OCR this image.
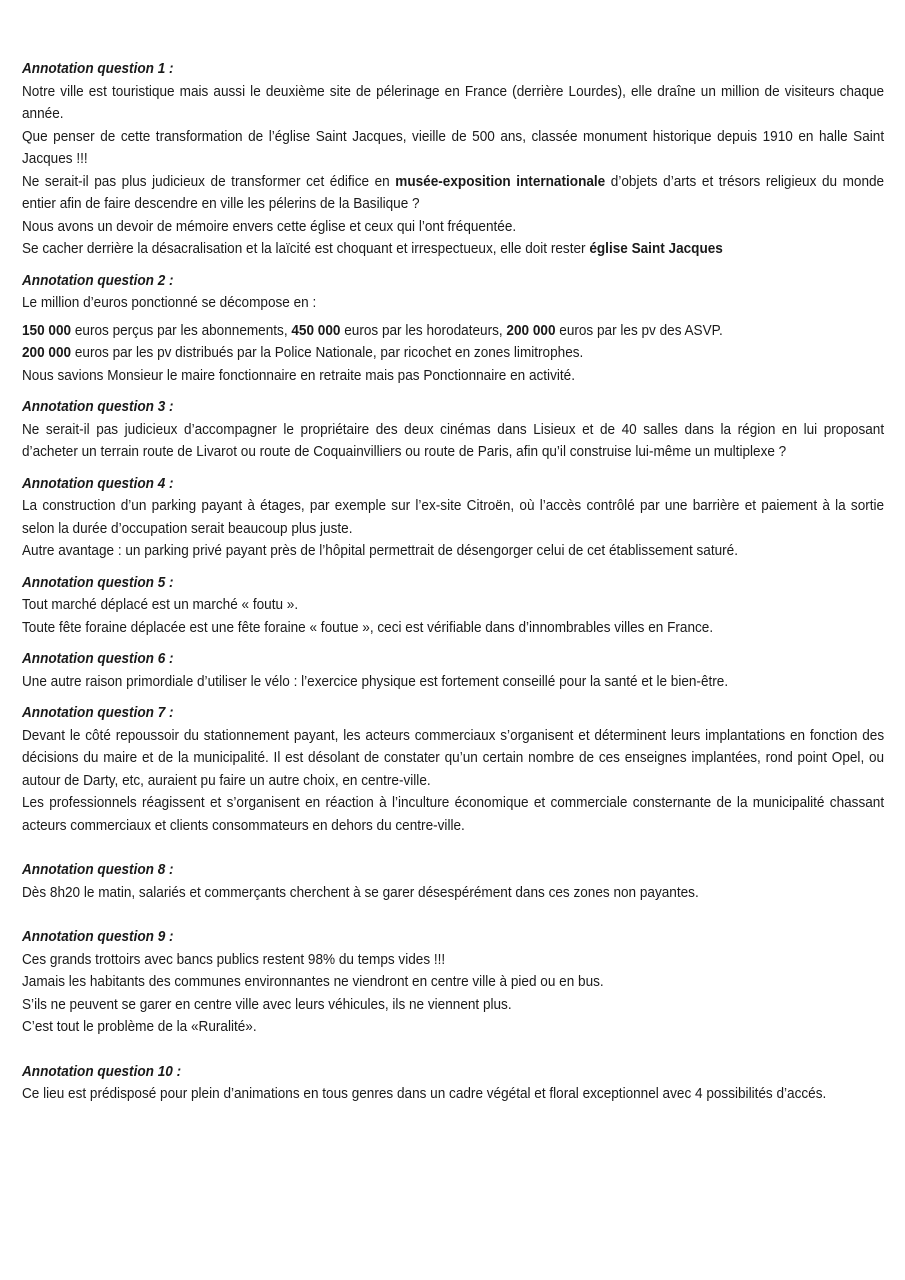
Annotation question 1 :

Notre ville est touristique mais aussi le deuxième site de pélerinage en France (derrière Lourdes), elle draîne un million de visiteurs chaque année.

Que penser de cette transformation de l’église Saint Jacques, vieille de 500 ans, classée monument historique depuis 1910 en halle Saint Jacques !!!

Ne serait-il pas plus judicieux de transformer cet édifice en musée-exposition internationale d’objets d’arts et trésors religieux du monde entier afin de faire descendre en ville les pélerins de la Basilique ?

Nous avons un devoir de mémoire envers cette église et ceux qui l’ont fréquentée.

Se cacher derrière la désacralisation et la laïcité est choquant et irrespectueux, elle doit rester église Saint Jacques

Annotation question 2 :

Le million d’euros ponctionné se décompose en :

150 000 euros perçus par les abonnements, 450 000 euros par les horodateurs, 200 000 euros par les pv des ASVP.

200 000 euros par les pv distribués par la Police Nationale, par ricochet en zones limitrophes.

Nous savions Monsieur le maire fonctionnaire en retraite mais pas Ponctionnaire en activité.

Annotation question 3 :

Ne serait-il pas judicieux d’accompagner le propriétaire des deux cinémas dans Lisieux et de 40 salles dans la région en lui proposant d’acheter un terrain route de Livarot ou route de Coquainvilliers ou route de Paris, afin qu’il construise lui-même un multiplexe ?

Annotation question 4 :

La construction d’un parking payant à étages, par exemple sur l’ex-site Citroën, où l’accès contrôlé par une barrière et paiement à la sortie selon la durée d’occupation serait beaucoup plus juste.

Autre avantage : un parking privé payant près de l’hôpital permettrait de désengorger celui de cet établissement saturé.

Annotation question 5 :

Tout marché déplacé est un marché « foutu ».

Toute fête foraine déplacée est une fête foraine « foutue », ceci est vérifiable dans d’innombrables villes en France.

Annotation question 6 :

Une autre raison primordiale d’utiliser le vélo : l’exercice physique est fortement conseillé pour la santé et le bien-être.

Annotation question 7 :

Devant le côté repoussoir du stationnement payant, les acteurs commerciaux s’organisent et déterminent leurs implantations en fonction des décisions du maire et de la municipalité. Il est désolant de constater qu’un certain nombre de ces enseignes implantées, rond point Opel, ou autour de Darty, etc, auraient pu faire un autre choix, en centre-ville.

Les professionnels réagissent et s’organisent en réaction à l’inculture économique et commerciale consternante de la municipalité chassant acteurs commerciaux et clients consommateurs en dehors du centre-ville.

Annotation question 8 :

Dès 8h20 le matin, salariés et commerçants cherchent à se garer désespérément dans ces zones non payantes.

Annotation question 9 :

Ces grands trottoirs avec bancs publics restent 98% du temps vides !!!

Jamais les habitants des communes environnantes ne viendront en centre ville à pied ou en bus.

S’ils ne peuvent se garer en centre ville avec leurs véhicules, ils ne viennent plus.

C’est tout le problème de la «Ruralité».

Annotation question 10 :

Ce lieu est prédisposé pour plein d’animations en tous genres dans un cadre végétal et floral exceptionnel avec 4 possibilités d’accés.
